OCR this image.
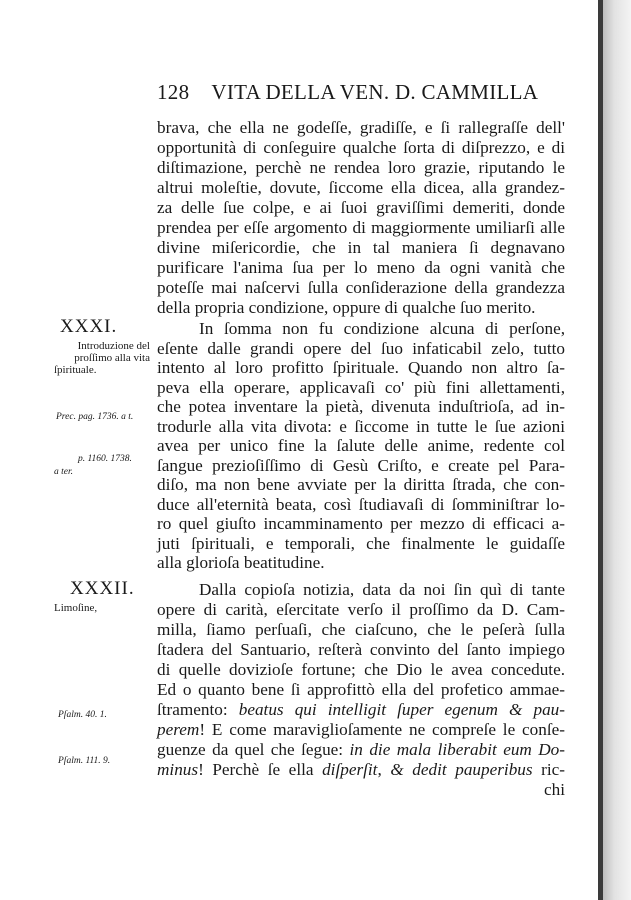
128 VITA DELLA VEN. D. CAMMILLA
XXXI.
Introduzione del
proſſimo alla vita
ſpirituale.
Prec. pag. 1736. a t.
p. 1160. 1738.
a ter.
XXXII.
Limoſine,
Pſalm. 40. 1.
Pſalm. 111. 9.
brava, che ella ne godeſſe, gradiſſe, e ſi rallegraſſe dell'
opportunità di conſeguire qualche ſorta di diſprezzo, e di
diſtimazione, perchè ne rendea loro grazie, riputando le
altrui moleſtie, dovute, ſiccome ella dicea, alla grandez-
za delle ſue colpe, e ai ſuoi graviſſimi demeriti, donde
prendea per eſſe argomento di maggiormente umiliarſi alle
divine miſericordie, che in tal maniera ſi degnavano
purificare l'anima ſua per lo meno da ogni vanità che
poteſſe mai naſcervi ſulla conſiderazione della grandezza
della propria condizione, oppure di qualche ſuo merito.
In ſomma non fu condizione alcuna di perſone,
eſente dalle grandi opere del ſuo infaticabil zelo, tutto
intento al loro profitto ſpirituale. Quando non altro ſa-
peva ella operare, applicavaſi co' più fini allettamenti,
che potea inventare la pietà, divenuta induſtrioſa, ad in-
trodurle alla vita divota: e ſiccome in tutte le ſue azioni
avea per unico fine la ſalute delle anime, redente col
ſangue prezioſiſſimo di Gesù Criſto, e create pel Para-
diſo, ma non bene avviate per la diritta ſtrada, che con-
duce all'eternità beata, così ſtudiavaſi di ſomminiſtrar lo-
ro quel giuſto incamminamento per mezzo di efficaci a-
juti ſpirituali, e temporali, che finalmente le guidaſſe
alla glorioſa beatitudine.
Dalla copioſa notizia, data da noi ſin quì di tante
opere di carità, eſercitate verſo il proſſimo da D. Cam-
milla, ſiamo perſuaſi, che ciaſcuno, che le peſerà ſulla
ſtadera del Santuario, reſterà convinto del ſanto impiego
di quelle dovizioſe fortune; che Dio le avea concedute.
Ed o quanto bene ſi approfittò ella del profetico ammae-
ſtramento: beatus qui intelligit ſuper egenum & pau-
perem! E come maraviglioſamente ne compreſe le conſe-
guenze da quel che ſegue: in die mala liberabit eum Do-
minus! Perchè ſe ella diſperſit, & dedit pauperibus ric-
chi
